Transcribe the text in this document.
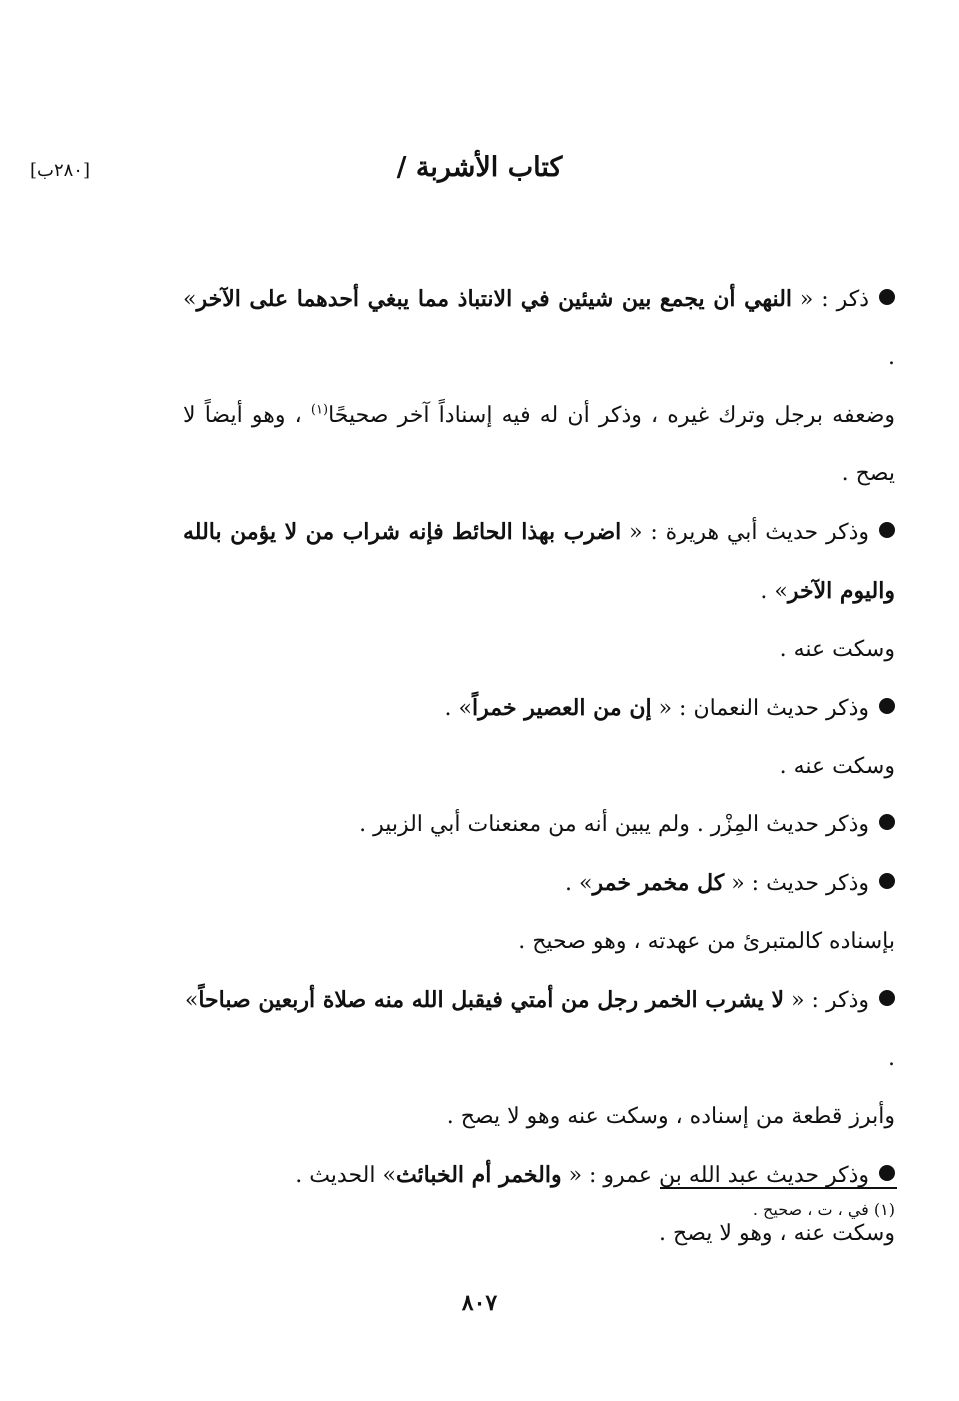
كتاب الأشربة /
[٢٨٠ب]

ذكر : « النهي أن يجمع بين شيئين في الانتباذ مما يبغي أحدهما على الآخر» .

وضعفه برجل وترك غيره ، وذكر أن له فيه إسناداً آخر صحيحًا$^{(١)}$ ، وهو أيضاً لا يصح .

وذكر حديث أبي هريرة : « اضرب بهذا الحائط فإنه شراب من لا يؤمن بالله واليوم الآخر» .

وسكت عنه .

وذكر حديث النعمان : « إن من العصير خمراً» .

وسكت عنه .

وذكر حديث المِزْر . ولم يبين أنه من معنعنات أبي الزبير .

وذكر حديث : « كل مخمر خمر» .

بإسناده كالمتبرئ من عهدته ، وهو صحيح .

وذكر : « لا يشرب الخمر رجل من أمتي فيقبل الله منه صلاة أربعين صباحاً» .

وأبرز قطعة من إسناده ، وسكت عنه وهو لا يصح .

وذكر حديث عبد الله بن عمرو : « والخمر أم الخبائث» الحديث .

وسكت عنه ، وهو لا يصح .

(١) في ، ت ، صحيح .

٨٠٧
